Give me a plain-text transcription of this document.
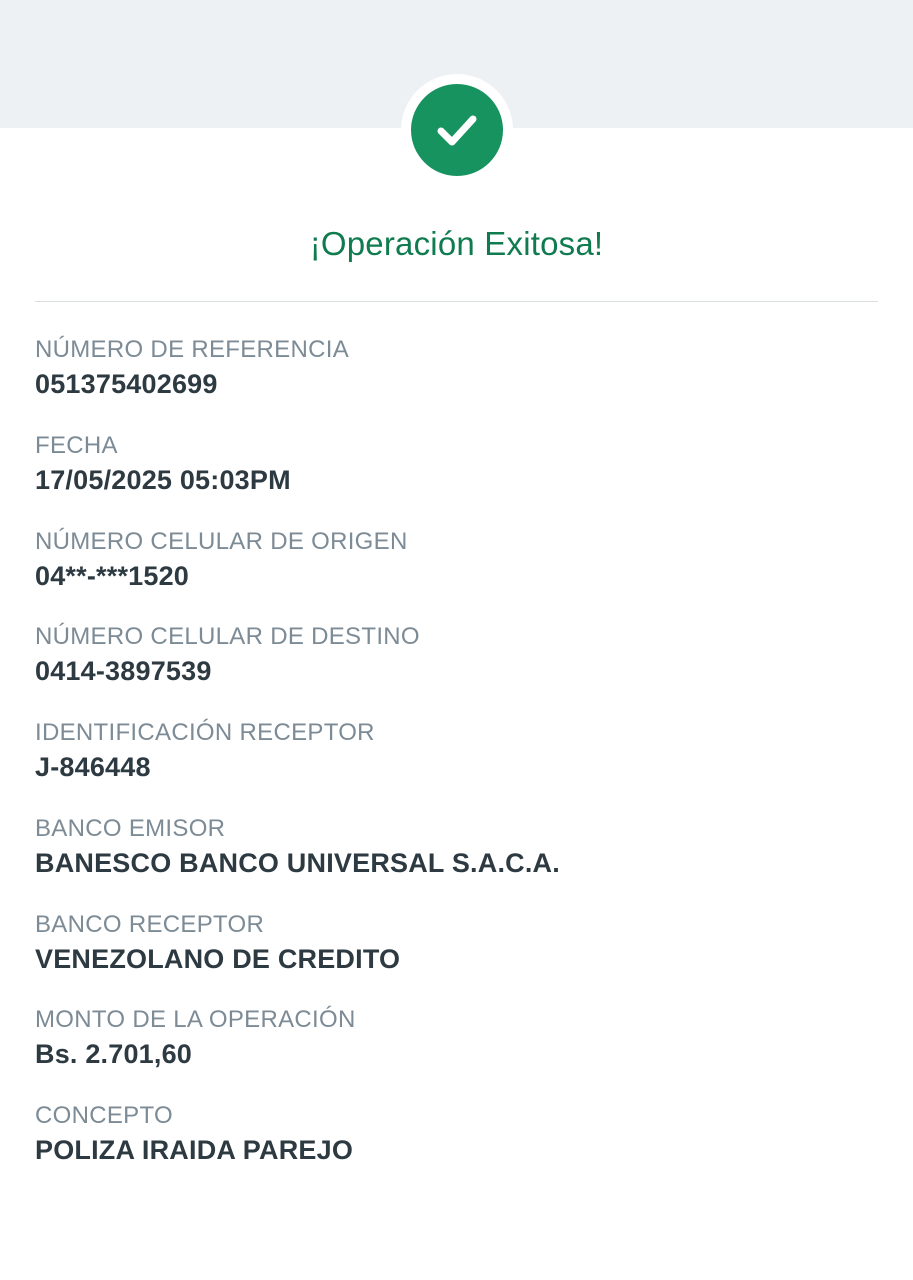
¡Operación Exitosa!
NÚMERO DE REFERENCIA
051375402699
FECHA
17/05/2025 05:03PM
NÚMERO CELULAR DE ORIGEN
04**-***1520
NÚMERO CELULAR DE DESTINO
0414-3897539
IDENTIFICACIÓN RECEPTOR
J-846448
BANCO EMISOR
BANESCO BANCO UNIVERSAL S.A.C.A.
BANCO RECEPTOR
VENEZOLANO DE CREDITO
MONTO DE LA OPERACIÓN
Bs. 2.701,60
CONCEPTO
POLIZA IRAIDA PAREJO
